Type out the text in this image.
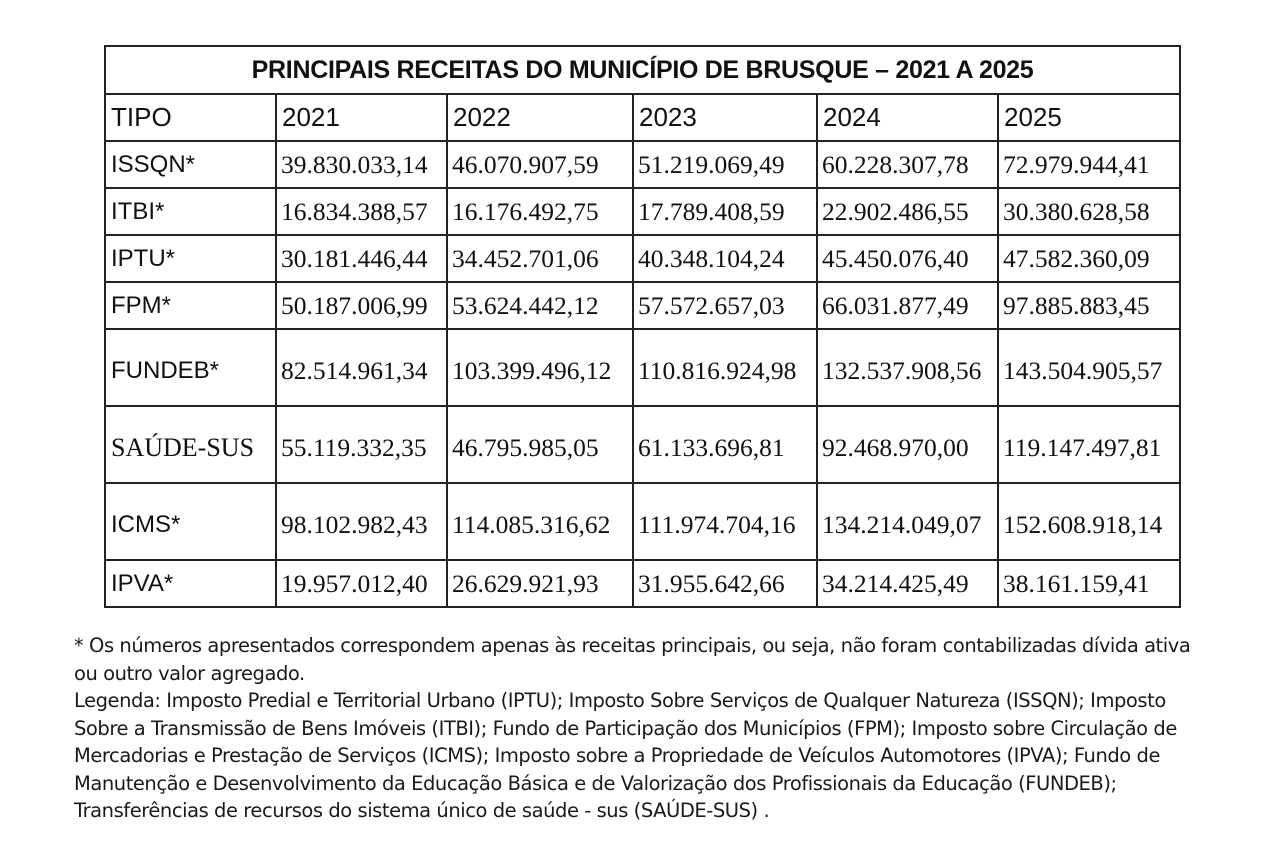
PRINCIPAIS RECEITAS DO MUNICÍPIO DE BRUSQUE – 2021 A 2025					
TIPO	2021	2022	2023	2024	2025
ISSQN*	39.830.033,14	46.070.907,59	51.219.069,49	60.228.307,78	72.979.944,41
ITBI*	16.834.388,57	16.176.492,75	17.789.408,59	22.902.486,55	30.380.628,58
IPTU*	30.181.446,44	34.452.701,06	40.348.104,24	45.450.076,40	47.582.360,09
FPM*	50.187.006,99	53.624.442,12	57.572.657,03	66.031.877,49	97.885.883,45
FUNDEB*	82.514.961,34	103.399.496,12	110.816.924,98	132.537.908,56	143.504.905,57
SAÚDE-SUS	55.119.332,35	46.795.985,05	61.133.696,81	92.468.970,00	119.147.497,81
ICMS*	98.102.982,43	114.085.316,62	111.974.704,16	134.214.049,07	152.608.918,14
IPVA*	19.957.012,40	26.629.921,93	31.955.642,66	34.214.425,49	38.161.159,41

* Os números apresentados correspondem apenas às receitas principais, ou seja, não foram contabilizadas dívida ativa ou outro valor agregado.

Legenda: Imposto Predial e Territorial Urbano (IPTU); Imposto Sobre Serviços de Qualquer Natureza (ISSQN); Imposto Sobre a Transmissão de Bens Imóveis (ITBI); Fundo de Participação dos Municípios (FPM); Imposto sobre Circulação de Mercadorias e Prestação de Serviços (ICMS); Imposto sobre a Propriedade de Veículos Automotores (IPVA); Fundo de Manutenção e Desenvolvimento da Educação Básica e de Valorização dos Profissionais da Educação (FUNDEB); Transferências de recursos do sistema único de saúde - sus (SAÚDE-SUS) .
